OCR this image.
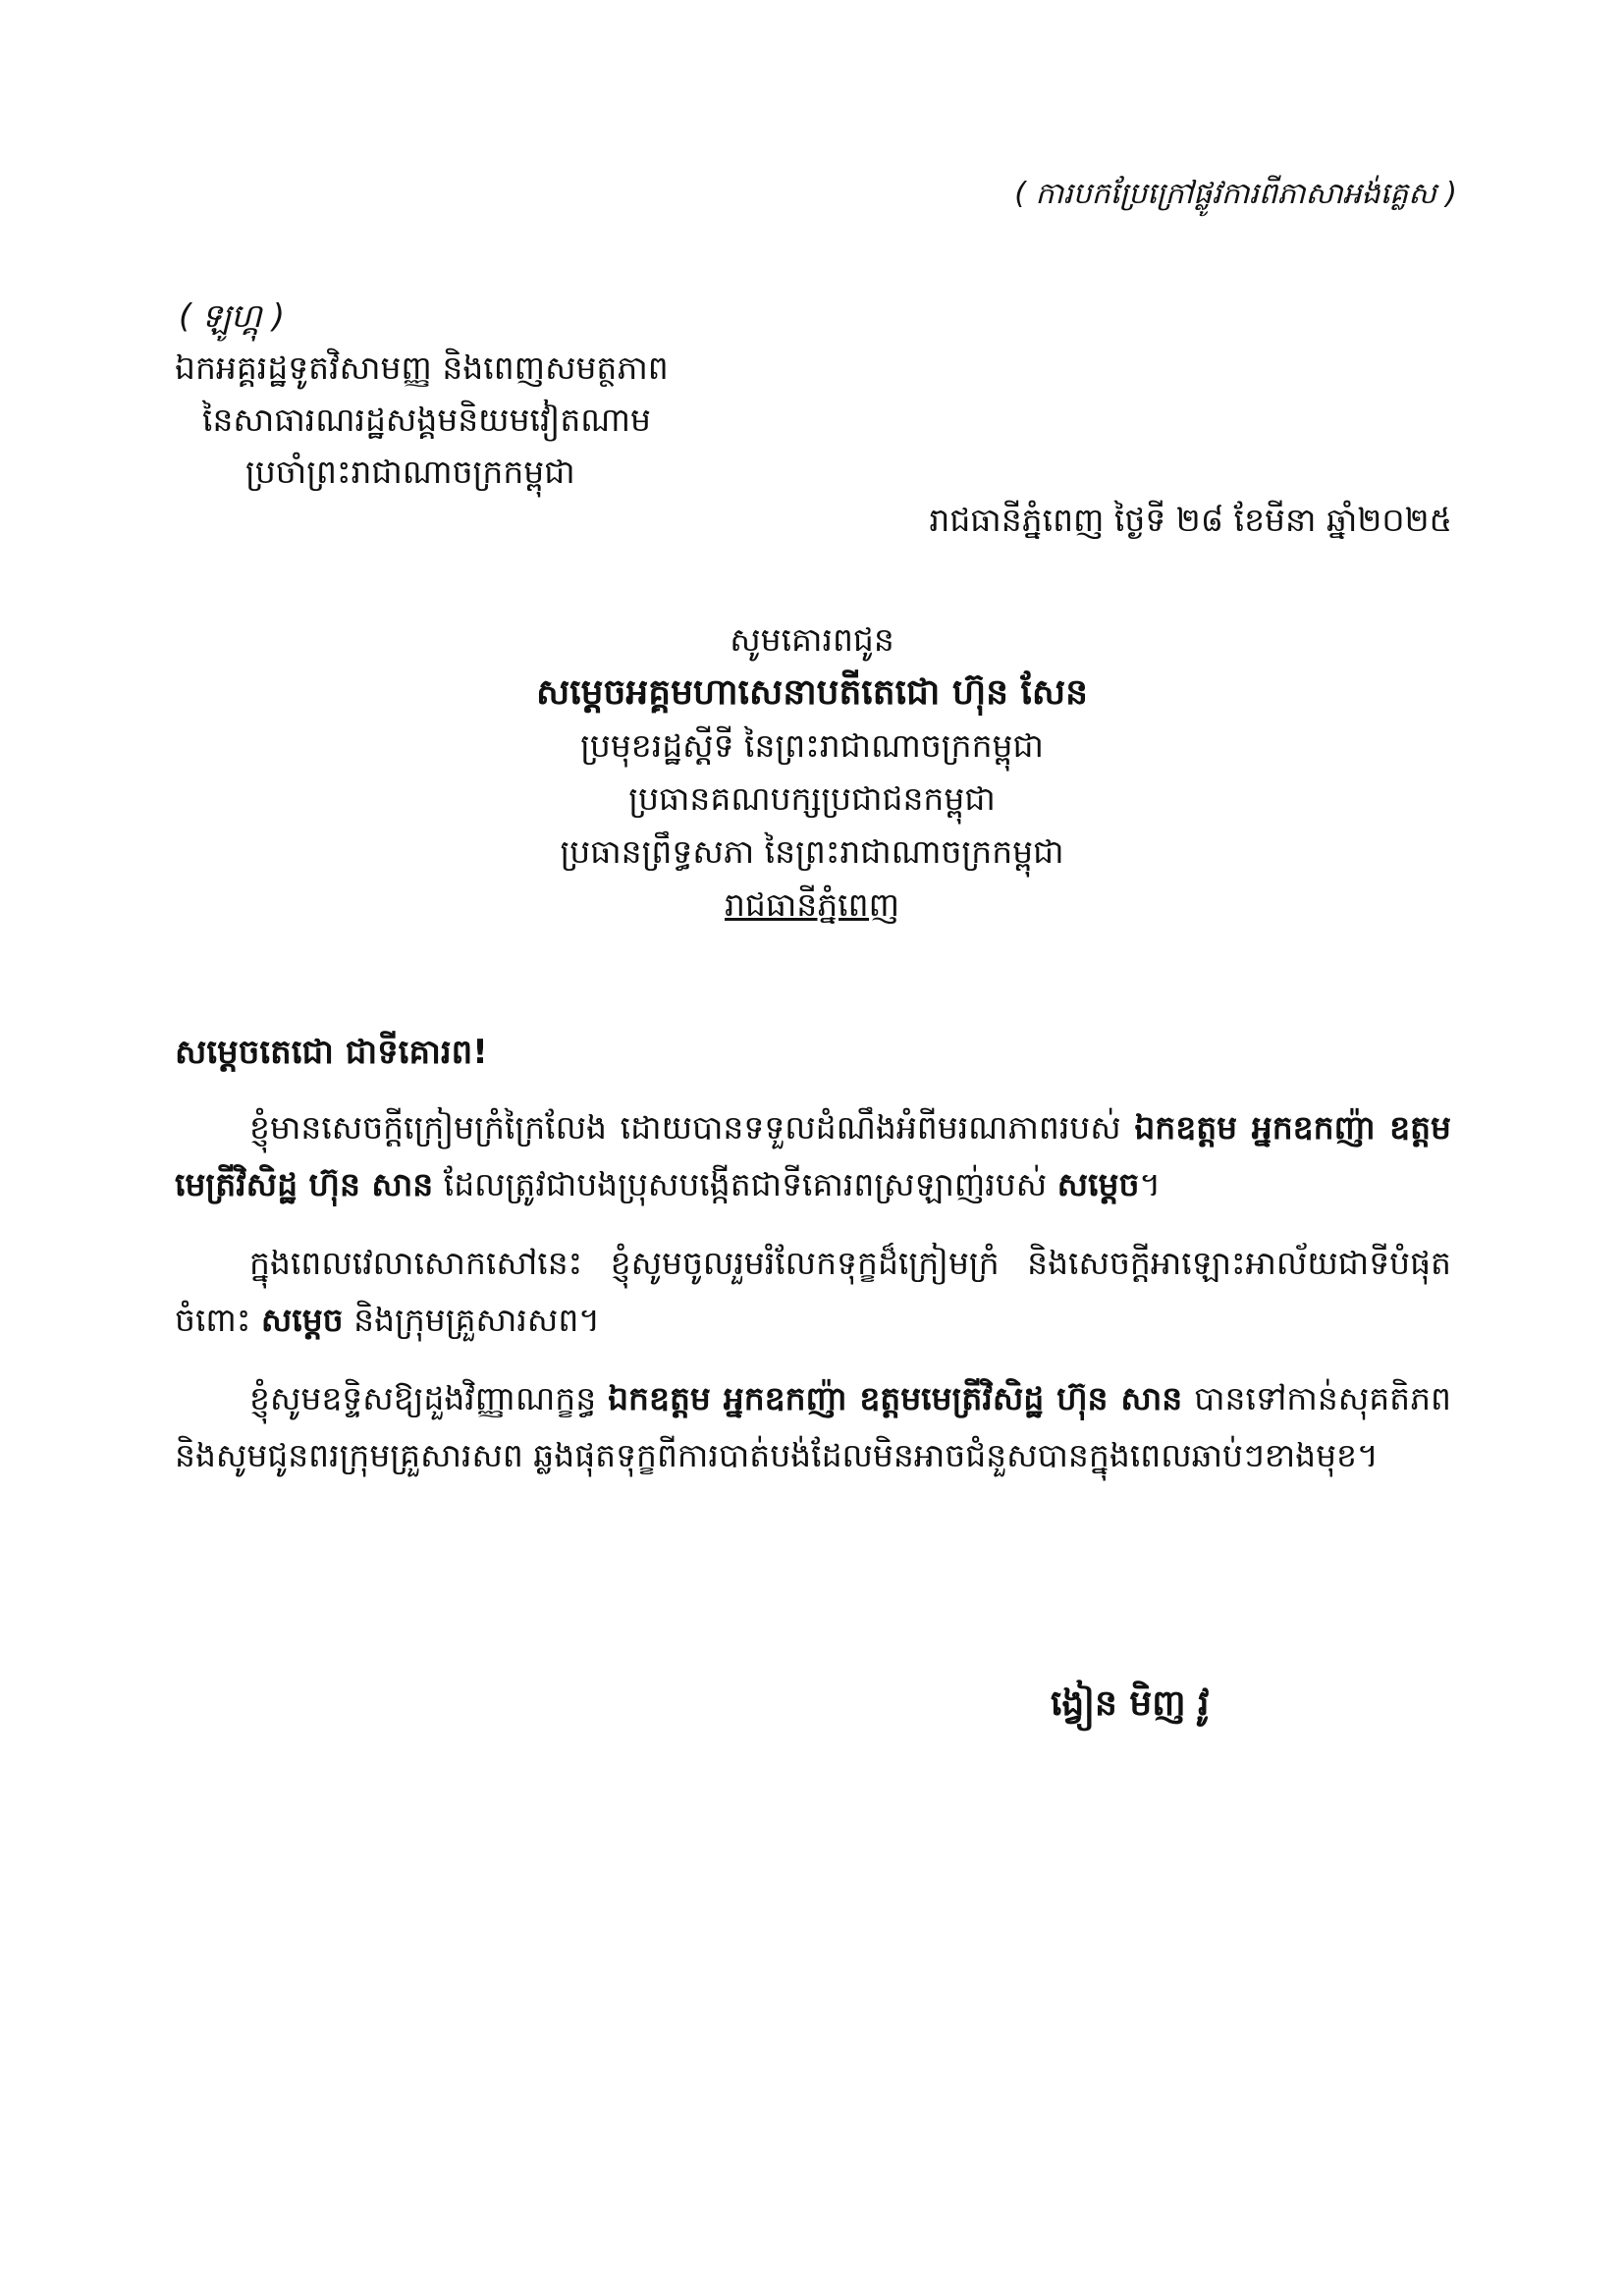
( ការបកប្រែក្រៅផ្លូវការពីភាសាអង់គ្លេស )
( ឡូហ្គុ )
ឯកអគ្គរដ្ឋទូតវិសាមញ្ញ និងពេញសមត្ថភាព
នៃសាធារណរដ្ឋសង្គមនិយមវៀតណាម
ប្រចាំព្រះរាជាណាចក្រកម្ពុជា
រាជធានីភ្នំពេញ ថ្ងៃទី ២៨ ខែមីនា ឆ្នាំ២០២៥
សូមគោរពជូន
សម្តេចអគ្គមហាសេនាបតីតេជោ ហ៊ុន សែន
ប្រមុខរដ្ឋស្តីទី នៃព្រះរាជាណាចក្រកម្ពុជា
ប្រធានគណបក្សប្រជាជនកម្ពុជា
ប្រធានព្រឹទ្ធសភា នៃព្រះរាជាណាចក្រកម្ពុជា
រាជធានីភ្នំពេញ
សម្តេចតេជោ ជាទីគោរព!

ខ្ញុំមានសេចក្តីក្រៀមក្រំក្រៃលែង ដោយបានទទួលដំណឹងអំពីមរណភាពរបស់ ឯកឧត្តម អ្នកឧកញ៉ា ឧត្តមមេត្រីវិសិដ្ឋ ហ៊ុន សាន ដែលត្រូវជាបងប្រុសបង្កើតជាទីគោរពស្រឡាញ់របស់ សម្តេច។

ក្នុងពេលវេលាសោកសៅនេះ ខ្ញុំសូមចូលរួមរំលែកទុក្ខដ៏ក្រៀមក្រំ និងសេចក្តីអាឡោះអាល័យជាទីបំផុតចំពោះ សម្តេច និងក្រុមគ្រួសារសព។

ខ្ញុំសូមឧទ្ទិសឱ្យដួងវិញ្ញាណក្ខន្ធ ឯកឧត្តម អ្នកឧកញ៉ា ឧត្តមមេត្រីវិសិដ្ឋ ហ៊ុន សាន បានទៅកាន់សុគតិភព និងសូមជូនពរក្រុមគ្រួសារសព ឆ្លងផុតទុក្ខពីការបាត់បង់ដែលមិនអាចជំនួសបានក្នុងពេលឆាប់ៗខាងមុខ។

ង្វៀន មិញ វូ
